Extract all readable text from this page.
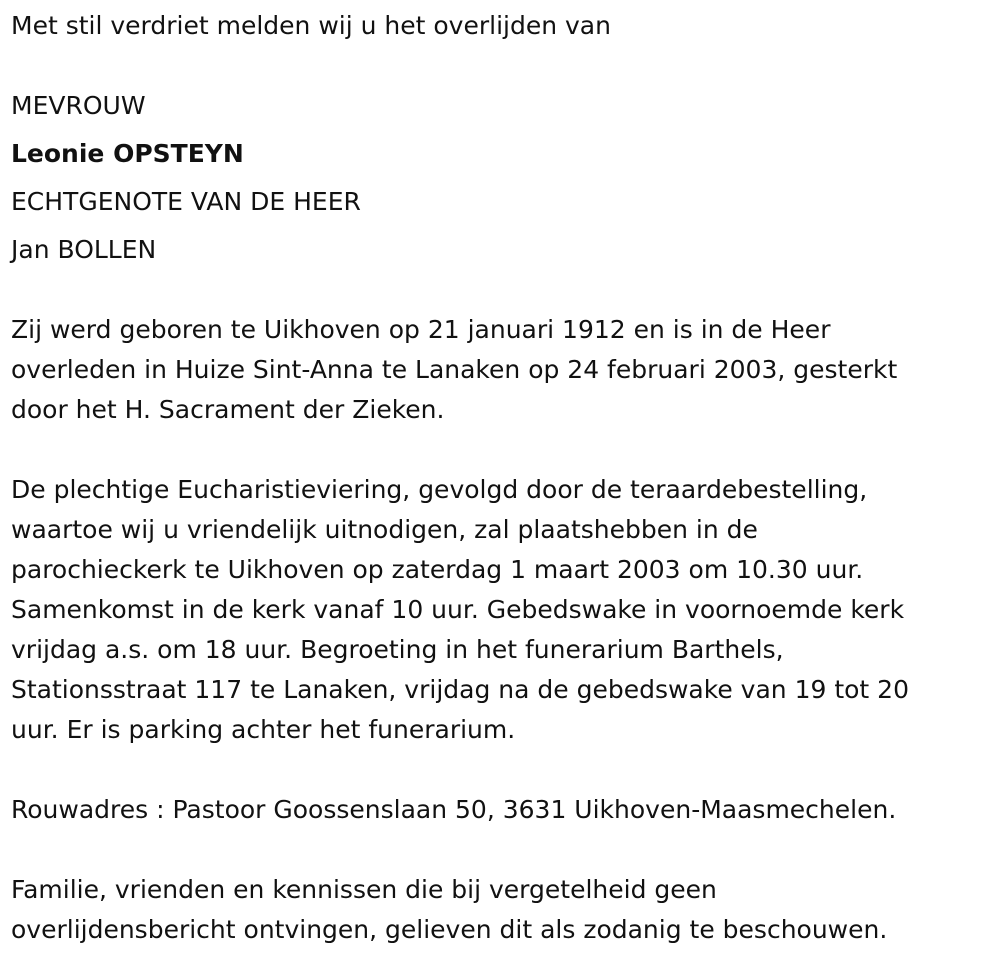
Met stil verdriet melden wij u het overlijden van
MEVROUW
Leonie OPSTEYN
ECHTGENOTE VAN DE HEER
Jan BOLLEN
Zij werd geboren te Uikhoven op 21 januari 1912 en is in de Heer
overleden in Huize Sint-Anna te Lanaken op 24 februari 2003, gesterkt
door het H. Sacrament der Zieken.
De plechtige Eucharistieviering, gevolgd door de teraardebestelling,
waartoe wij u vriendelijk uitnodigen, zal plaatshebben in de
parochieckerk te Uikhoven op zaterdag 1 maart 2003 om 10.30 uur.
Samenkomst in de kerk vanaf 10 uur. Gebedswake in voornoemde kerk
vrijdag a.s. om 18 uur. Begroeting in het funerarium Barthels,
Stationsstraat 117 te Lanaken, vrijdag na de gebedswake van 19 tot 20
uur. Er is parking achter het funerarium.
Rouwadres : Pastoor Goossenslaan 50, 3631 Uikhoven-Maasmechelen.
Familie, vrienden en kennissen die bij vergetelheid geen
overlijdensbericht ontvingen, gelieven dit als zodanig te beschouwen.
